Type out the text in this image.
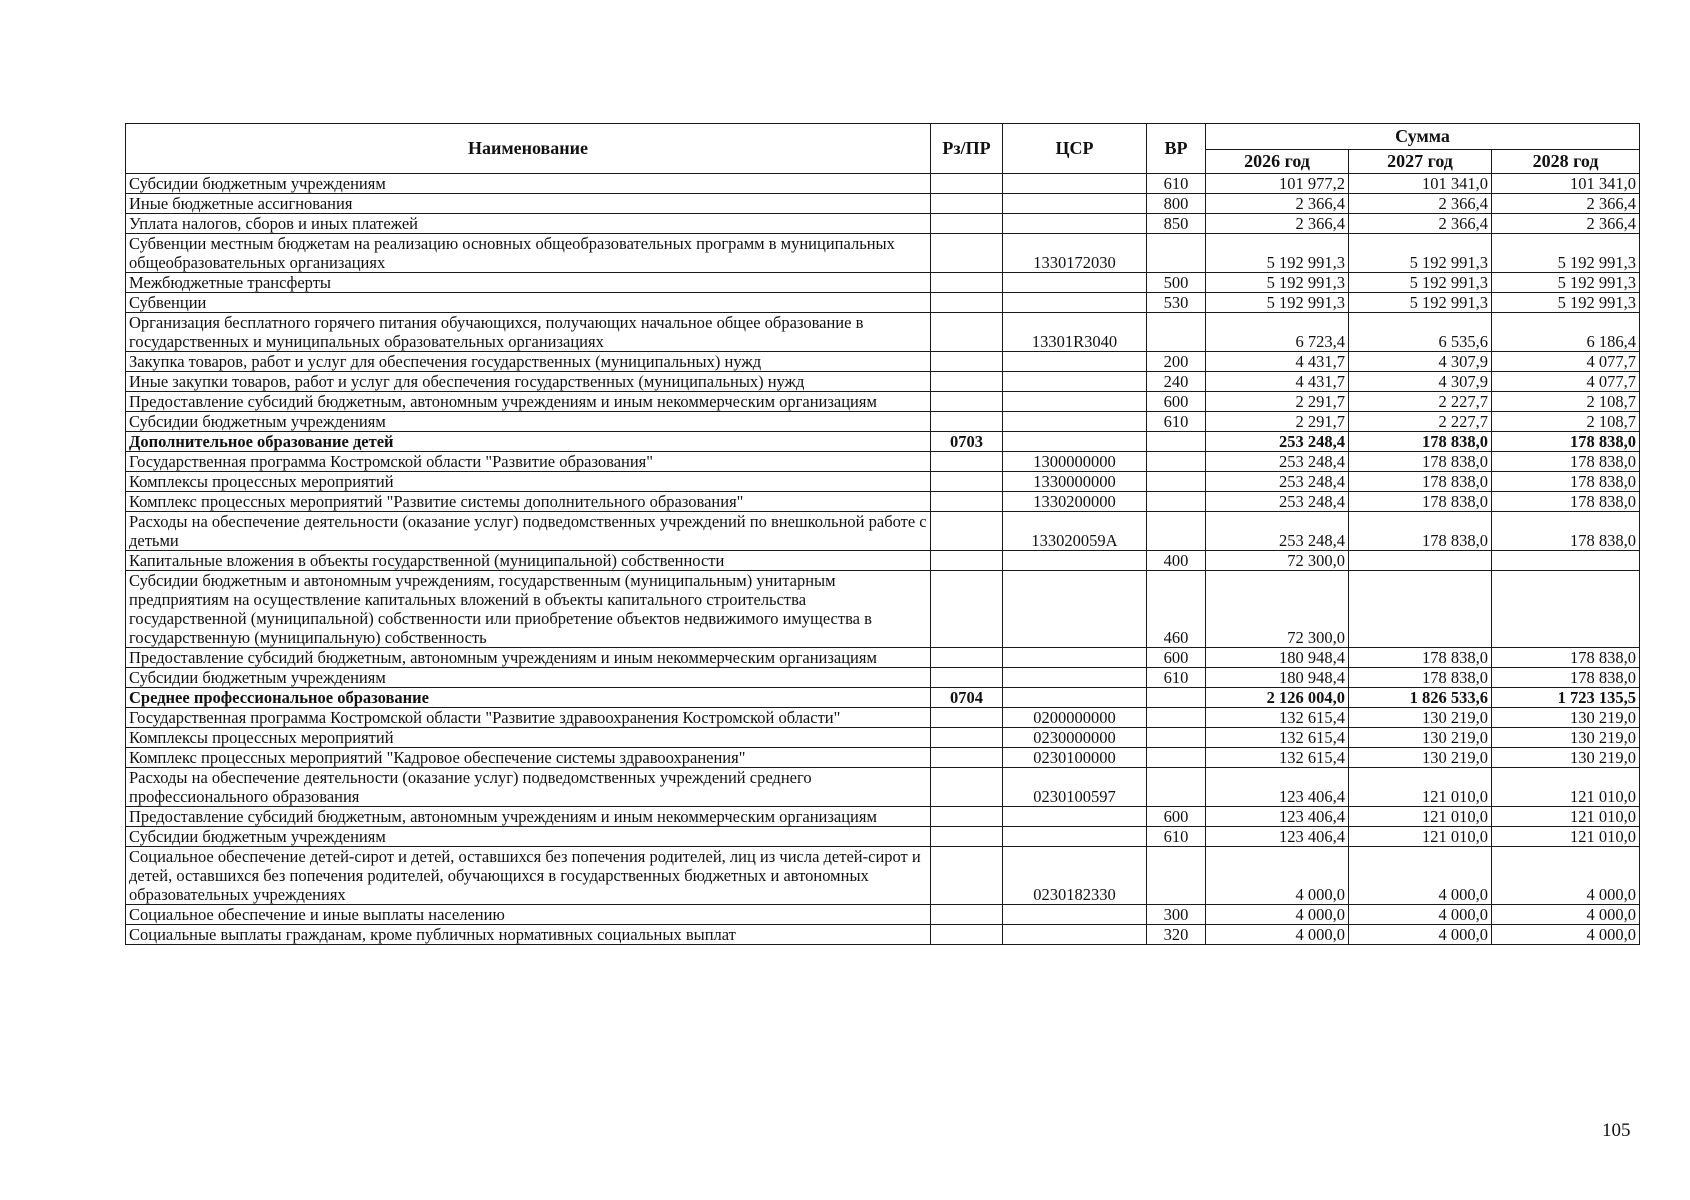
Наименование	Рз/ПР	ЦСР	ВР	Сумма		
				2026 год	2027 год	2028 год
Субсидии бюджетным учреждениям			610	101 977,2	101 341,0	101 341,0
Иные бюджетные ассигнования			800	2 366,4	2 366,4	2 366,4
Уплата налогов, сборов и иных платежей			850	2 366,4	2 366,4	2 366,4
Субвенции местным бюджетам на реализацию основных общеобразовательных программ в муниципальных общеобразовательных организациях		1330172030		5 192 991,3	5 192 991,3	5 192 991,3
Межбюджетные трансферты			500	5 192 991,3	5 192 991,3	5 192 991,3
Субвенции			530	5 192 991,3	5 192 991,3	5 192 991,3
Организация бесплатного горячего питания обучающихся, получающих начальное общее образование в государственных и муниципальных образовательных организациях		13301R3040		6 723,4	6 535,6	6 186,4
Закупка товаров, работ и услуг для обеспечения государственных (муниципальных) нужд			200	4 431,7	4 307,9	4 077,7
Иные закупки товаров, работ и услуг для обеспечения государственных (муниципальных) нужд			240	4 431,7	4 307,9	4 077,7
Предоставление субсидий бюджетным, автономным учреждениям и иным некоммерческим организациям			600	2 291,7	2 227,7	2 108,7
Субсидии бюджетным учреждениям			610	2 291,7	2 227,7	2 108,7
Дополнительное образование детей	0703			253 248,4	178 838,0	178 838,0
Государственная программа Костромской области "Развитие образования"		1300000000		253 248,4	178 838,0	178 838,0
Комплексы процессных мероприятий		1330000000		253 248,4	178 838,0	178 838,0
Комплекс процессных мероприятий "Развитие системы дополнительного образования"		1330200000		253 248,4	178 838,0	178 838,0
Расходы на обеспечение деятельности (оказание услуг) подведомственных учреждений по внешкольной работе с детьми		133020059А		253 248,4	178 838,0	178 838,0
Капитальные вложения в объекты государственной (муниципальной) собственности			400	72 300,0		
Субсидии бюджетным и автономным учреждениям, государственным (муниципальным) унитарным предприятиям на осуществление капитальных вложений в объекты капитального строительства государственной (муниципальной) собственности или приобретение объектов недвижимого имущества в государственную (муниципальную) собственность			460	72 300,0		
Предоставление субсидий бюджетным, автономным учреждениям и иным некоммерческим организациям			600	180 948,4	178 838,0	178 838,0
Субсидии бюджетным учреждениям			610	180 948,4	178 838,0	178 838,0
Среднее профессиональное образование	0704			2 126 004,0	1 826 533,6	1 723 135,5
Государственная программа Костромской области "Развитие здравоохранения Костромской области"		0200000000		132 615,4	130 219,0	130 219,0
Комплексы процессных мероприятий		0230000000		132 615,4	130 219,0	130 219,0
Комплекс процессных мероприятий "Кадровое обеспечение системы здравоохранения"		0230100000		132 615,4	130 219,0	130 219,0
Расходы на обеспечение деятельности (оказание услуг) подведомственных учреждений среднего профессионального образования		0230100597		123 406,4	121 010,0	121 010,0
Предоставление субсидий бюджетным, автономным учреждениям и иным некоммерческим организациям			600	123 406,4	121 010,0	121 010,0
Субсидии бюджетным учреждениям			610	123 406,4	121 010,0	121 010,0
Социальное обеспечение детей-сирот и детей, оставшихся без попечения родителей, лиц из числа детей-сирот и детей, оставшихся без попечения родителей, обучающихся в государственных бюджетных и автономных образовательных учреждениях		0230182330		4 000,0	4 000,0	4 000,0
Социальное обеспечение и иные выплаты населению			300	4 000,0	4 000,0	4 000,0
Социальные выплаты гражданам, кроме публичных нормативных социальных выплат			320	4 000,0	4 000,0	4 000,0
105
